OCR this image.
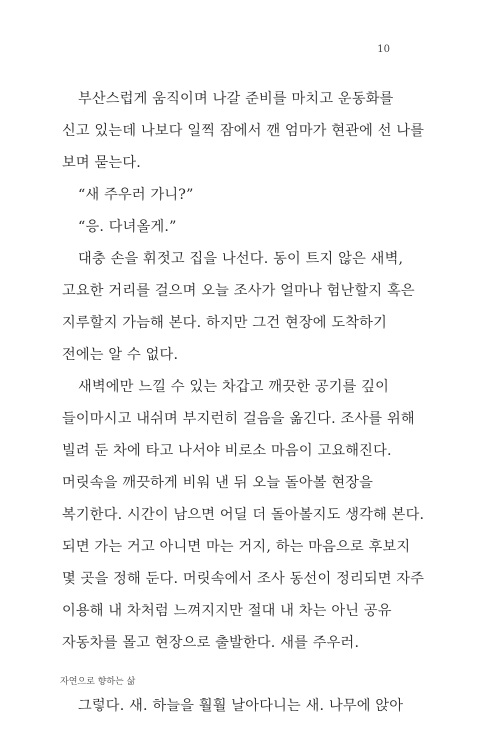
10
부산스럽게 움직이며 나갈 준비를 마치고 운동화를
신고 있는데 나보다 일찍 잠에서 깬 엄마가 현관에 선 나를
보며 묻는다.
“새 주우러 가니?”
“응. 다녀올게.”
대충 손을 휘젓고 집을 나선다. 동이 트지 않은 새벽,
고요한 거리를 걸으며 오늘 조사가 얼마나 험난할지 혹은
지루할지 가늠해 본다. 하지만 그건 현장에 도착하기
전에는 알 수 없다.
새벽에만 느낄 수 있는 차갑고 깨끗한 공기를 깊이
들이마시고 내쉬며 부지런히 걸음을 옮긴다. 조사를 위해
빌려 둔 차에 타고 나서야 비로소 마음이 고요해진다.
머릿속을 깨끗하게 비워 낸 뒤 오늘 돌아볼 현장을
복기한다. 시간이 남으면 어딜 더 돌아볼지도 생각해 본다.
되면 가는 거고 아니면 마는 거지, 하는 마음으로 후보지
몇 곳을 정해 둔다. 머릿속에서 조사 동선이 정리되면 자주
이용해 내 차처럼 느껴지지만 절대 내 차는 아닌 공유
자동차를 몰고 현장으로 출발한다. 새를 주우러.
그렇다. 새. 하늘을 훨훨 날아다니는 새. 나무에 앉아
자연으로 향하는 삶
